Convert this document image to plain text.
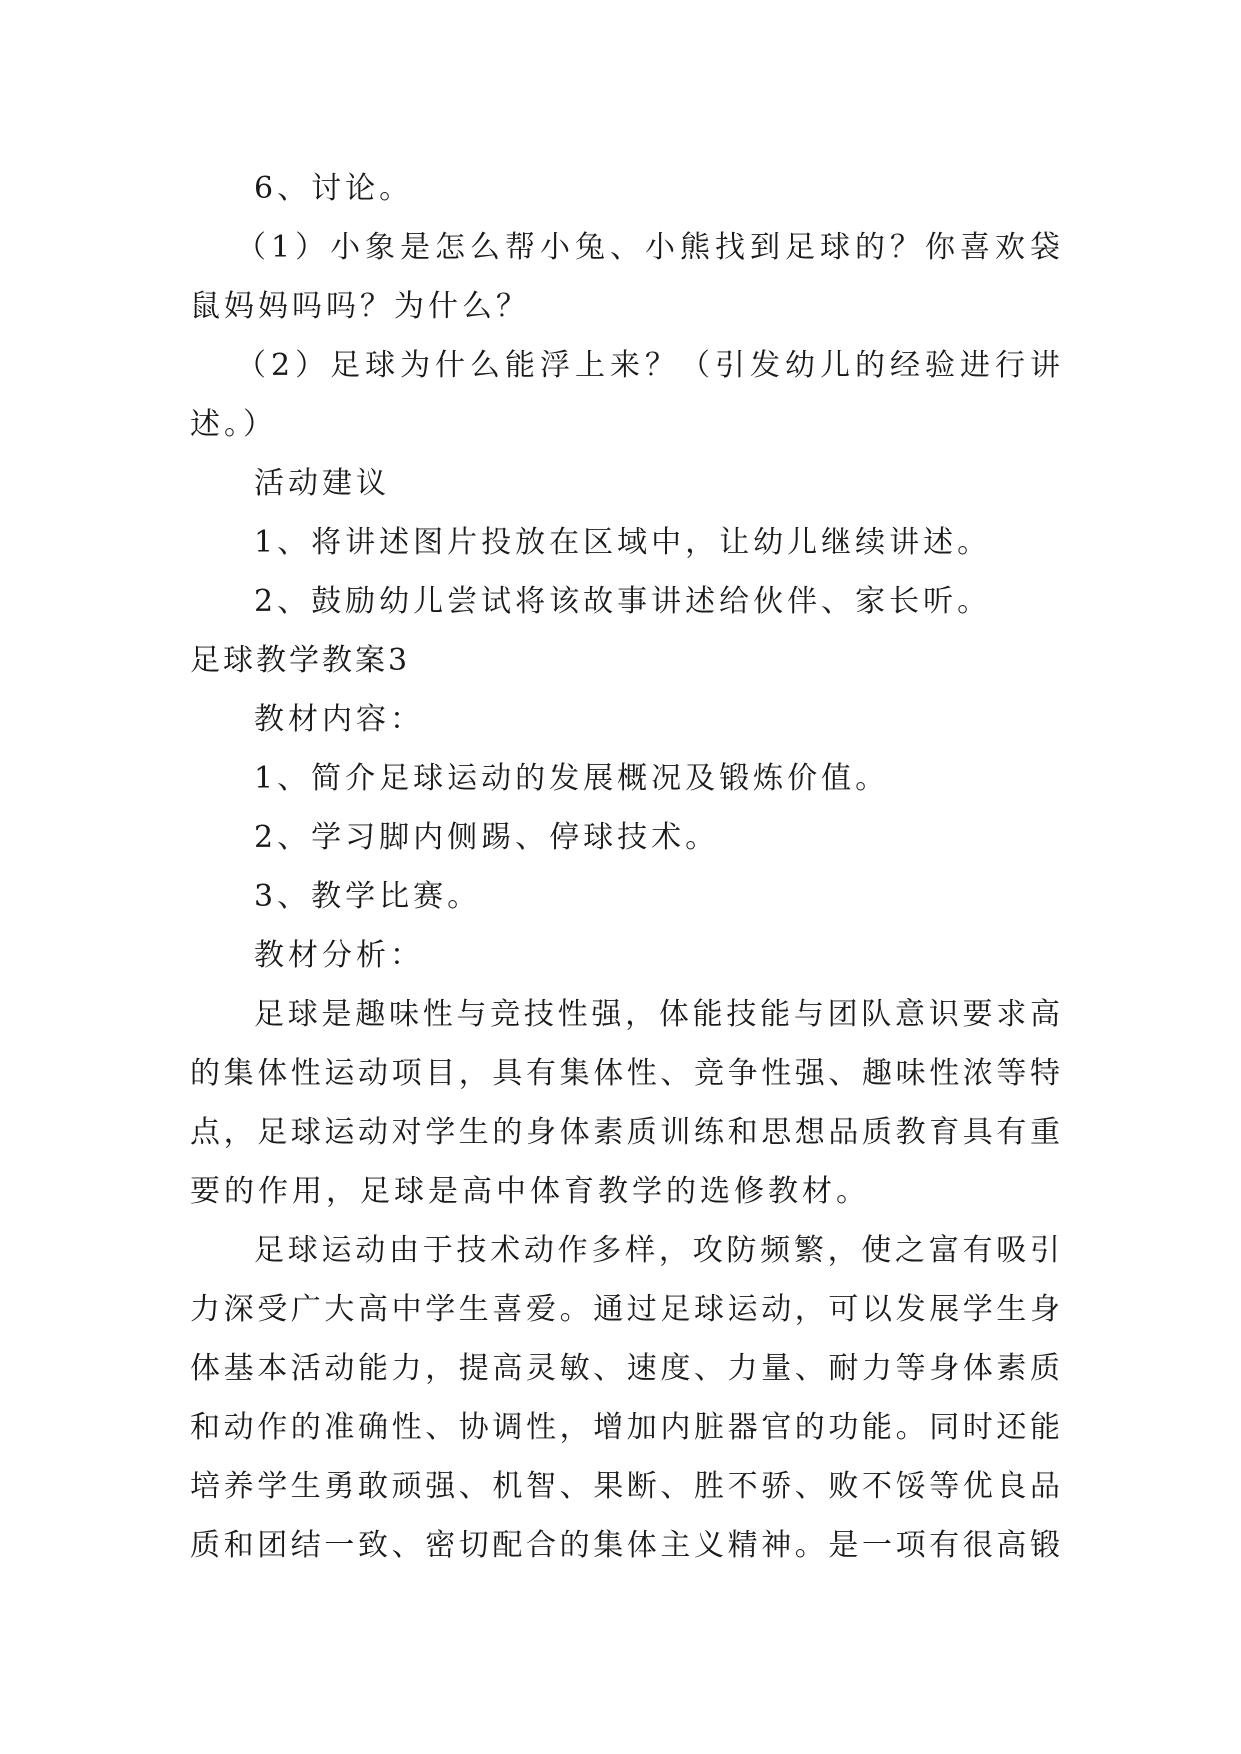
6、讨论。
（1）小象是怎么帮小兔、小熊找到足球的？你喜欢袋
鼠妈妈吗吗？为什么？
（2）足球为什么能浮上来？（引发幼儿的经验进行讲
述。）
活动建议
1、将讲述图片投放在区域中，让幼儿继续讲述。
2、鼓励幼儿尝试将该故事讲述给伙伴、家长听。
足球教学教案3
教材内容：
1、简介足球运动的发展概况及锻炼价值。
2、学习脚内侧踢、停球技术。
3、教学比赛。
教材分析：
足球是趣味性与竞技性强，体能技能与团队意识要求高
的集体性运动项目，具有集体性、竞争性强、趣味性浓等特
点，足球运动对学生的身体素质训练和思想品质教育具有重
要的作用，足球是高中体育教学的选修教材。
足球运动由于技术动作多样，攻防频繁，使之富有吸引
力深受广大高中学生喜爱。通过足球运动，可以发展学生身
体基本活动能力，提高灵敏、速度、力量、耐力等身体素质
和动作的准确性、协调性，增加内脏器官的功能。同时还能
培养学生勇敢顽强、机智、果断、胜不骄、败不馁等优良品
质和团结一致、密切配合的集体主义精神。是一项有很高锻
